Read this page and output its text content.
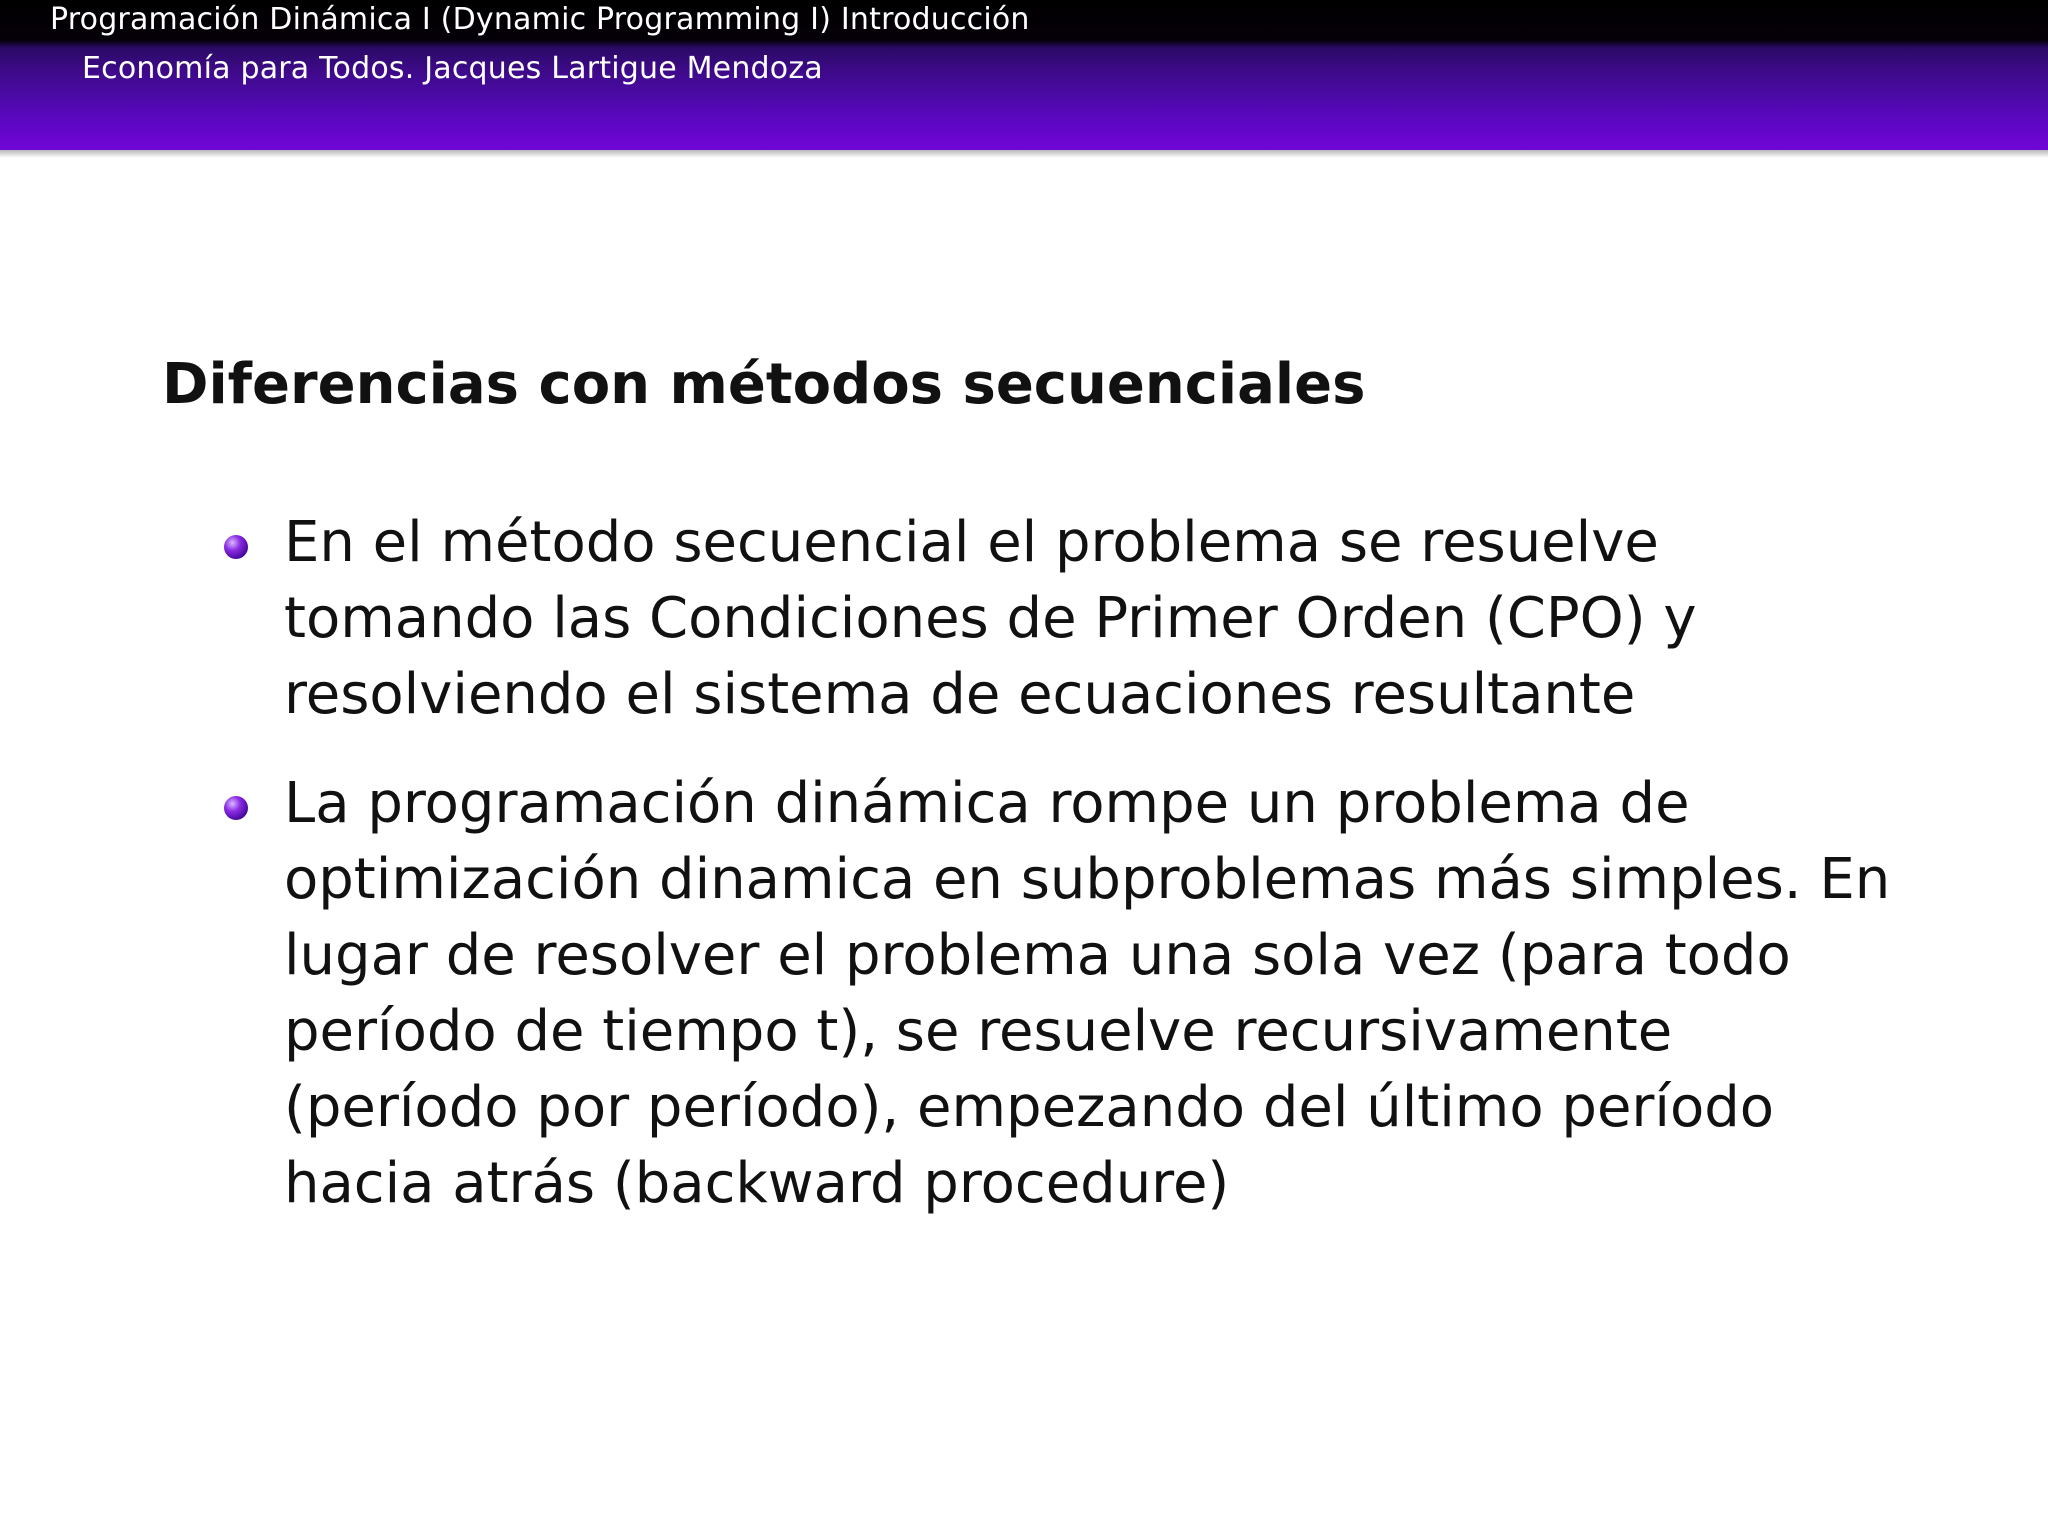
Programación Dinámica I (Dynamic Programming I) Introducción
Economía para Todos. Jacques Lartigue Mendoza
Diferencias con métodos secuenciales
En el método secuencial el problema se resuelve tomando las Condiciones de Primer Orden (CPO) y resolviendo el sistema de ecuaciones resultante
La programación dinámica rompe un problema de optimización dinamica en subproblemas más simples. En lugar de resolver el problema una sola vez (para todo período de tiempo t), se resuelve recursivamente (período por período), empezando del último período hacia atrás (backward procedure)
